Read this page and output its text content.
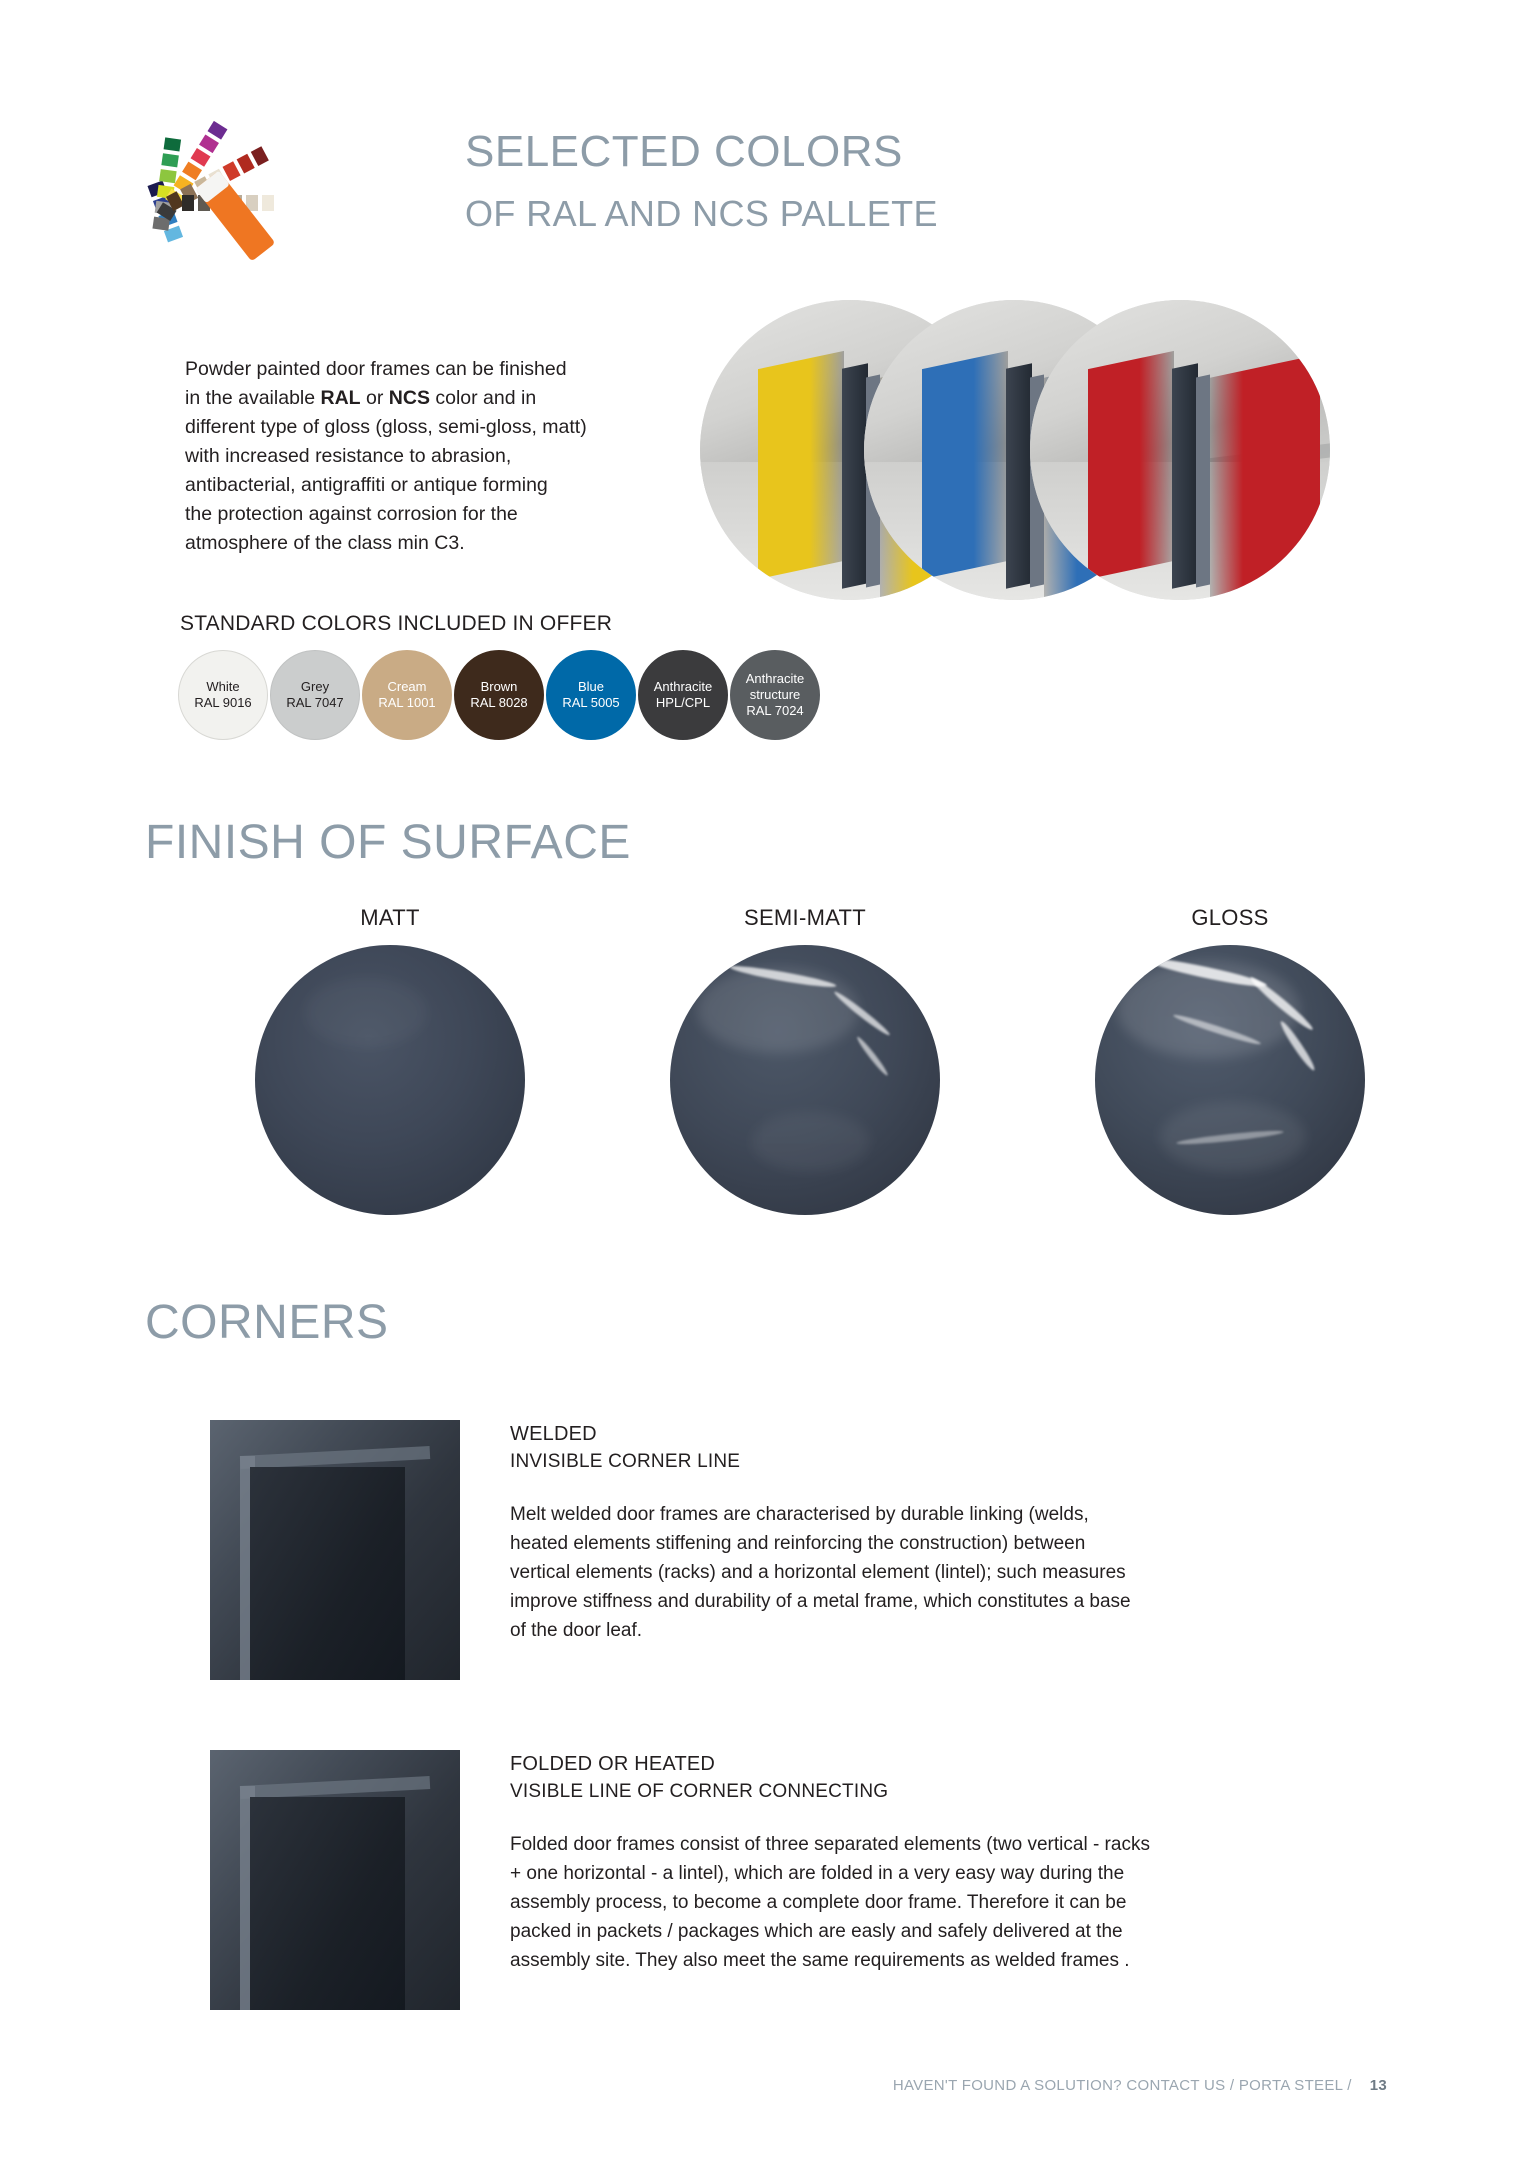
SELECTED COLORS
OF RAL AND NCS PALLETE
Powder painted door frames can be finished
in the available RAL or NCS color and in
different type of gloss (gloss, semi-gloss, matt)
with increased resistance to abrasion,
antibacterial, antigraffiti or antique forming
the protection against corrosion for the
atmosphere of the class min C3.
STANDARD COLORS INCLUDED IN OFFER
White
RAL 9016
Grey
RAL 7047
Cream
RAL 1001
Brown
RAL 8028
Blue
RAL 5005
Anthracite
HPL/CPL
Anthracite structure
RAL 7024
FINISH OF SURFACE
MATT	SEMI-MATT	GLOSS
CORNERS
WELDED
INVISIBLE CORNER LINE
Melt welded door frames are characterised by durable linking (welds, heated elements stiffening and reinforcing the construction) between vertical elements (racks) and a horizontal element (lintel); such measures improve stiffness and durability of a metal frame, which constitutes a base of the door leaf.
FOLDED OR HEATED
VISIBLE LINE OF CORNER CONNECTING
Folded door frames consist of three separated elements (two vertical - racks + one horizontal - a lintel), which are folded in a very easy way during the assembly process, to become a complete door frame. Therefore it can be packed in packets / packages which are easly and safely delivered at the assembly site. They also meet the same requirements as welded frames .
HAVEN'T FOUND A SOLUTION? CONTACT US / PORTA STEEL / 13
